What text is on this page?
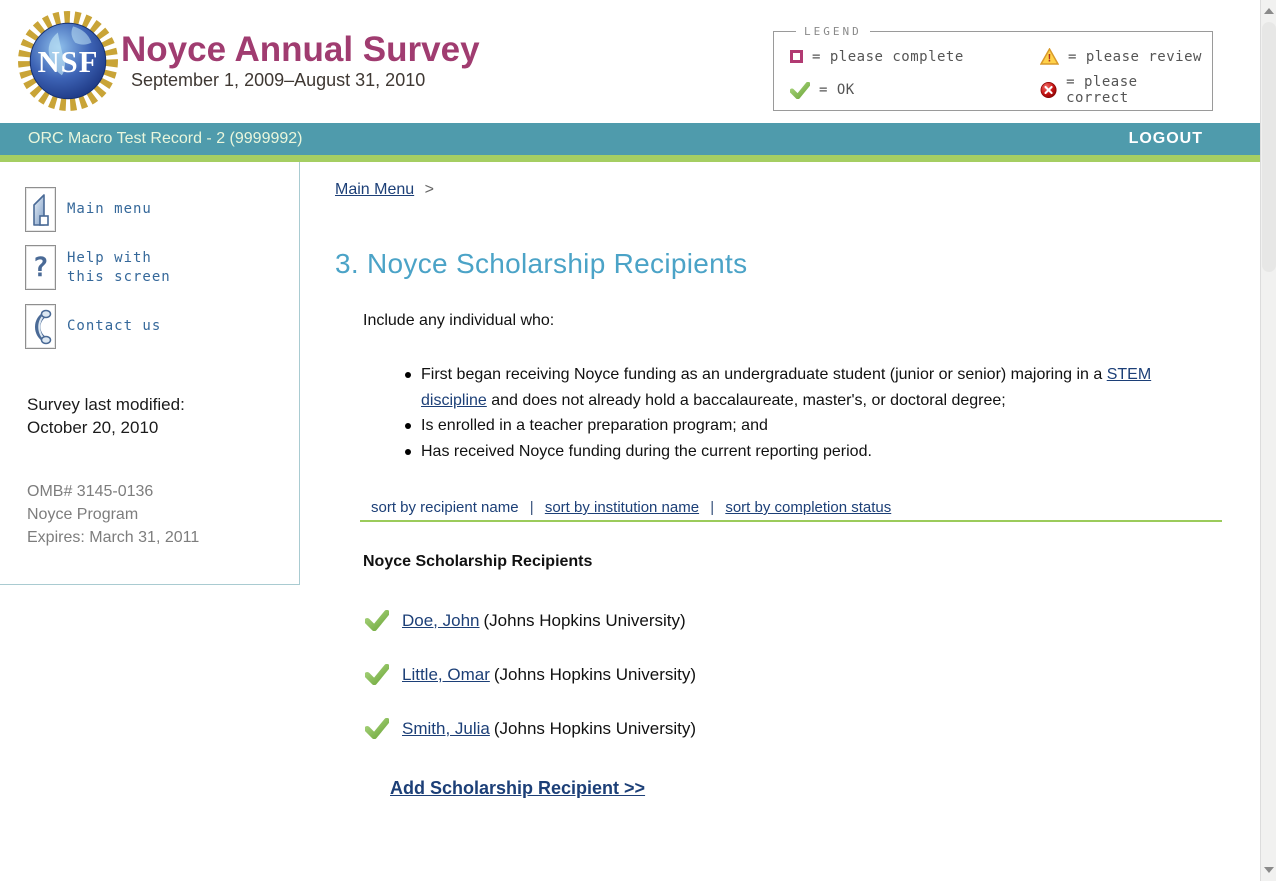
NSF Noyce Annual Survey
September 1, 2009–August 31, 2010
LEGEND
= please complete	! = please review
= OK	= please correct
ORC Macro Test Record - 2 (9999992)	LOGOUT
Main menu
? Help with
this screen
Contact us
Survey last modified:
October 20, 2010
OMB# 3145-0136
Noyce Program
Expires: March 31, 2011
Main Menu >
3. Noyce Scholarship Recipients
Include any individual who:
First began receiving Noyce funding as an undergraduate student (junior or senior) majoring in a STEM discipline and does not already hold a baccalaureate, master's, or doctoral degree;
Is enrolled in a teacher preparation program; and
Has received Noyce funding during the current reporting period.
sort by recipient name | sort by institution name | sort by completion status
Noyce Scholarship Recipients
Doe, John (Johns Hopkins University)
Little, Omar (Johns Hopkins University)
Smith, Julia (Johns Hopkins University)
Add Scholarship Recipient >>
